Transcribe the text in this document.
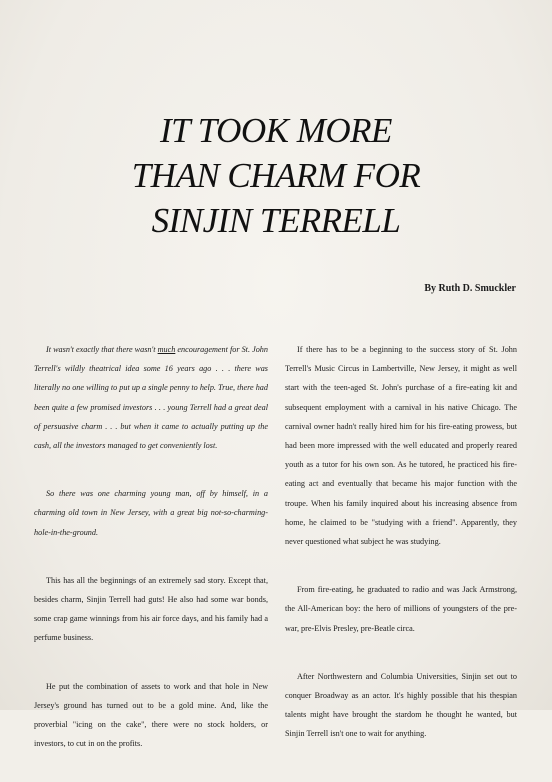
IT TOOK MORE
THAN CHARM FOR
SINJIN TERRELL
By Ruth D. Smuckler

It wasn't exactly that there wasn't much encouragement for St. John Terrell's wildly theatrical idea some 16 years ago . . . there was literally no one willing to put up a single penny to help. True, there had been quite a few promised investors . . . young Terrell had a great deal of persuasive charm . . . but when it came to actually putting up the cash, all the investors managed to get conveniently lost.

So there was one charming young man, off by himself, in a charming old town in New Jersey, with a great big not-so-charming-hole-in-the-ground.

This has all the beginnings of an extremely sad story. Except that, besides charm, Sinjin Terrell had guts! He also had some war bonds, some crap game winnings from his air force days, and his family had a perfume business.

He put the combination of assets to work and that hole in New Jersey's ground has turned out to be a gold mine. And, like the proverbial "icing on the cake", there were no stock holders, or investors, to cut in on the profits.

If there has to be a beginning to the success story of St. John Terrell's Music Circus in Lambertville, New Jersey, it might as well start with the teen-aged St. John's purchase of a fire-eating kit and subsequent employment with a carnival in his native Chicago. The carnival owner hadn't really hired him for his fire-eating prowess, but had been more impressed with the well educated and properly reared youth as a tutor for his own son. As he tutored, he practiced his fire-eating act and eventually that became his major function with the troupe. When his family inquired about his increasing absence from home, he claimed to be "studying with a friend". Apparently, they never questioned what subject he was studying.

From fire-eating, he graduated to radio and was Jack Armstrong, the All-American boy: the hero of millions of youngsters of the pre-war, pre-Elvis Presley, pre-Beatle circa.

After Northwestern and Columbia Universities, Sinjin set out to conquer Broadway as an actor. It's highly possible that his thespian talents might have brought the stardom he thought he wanted, but Sinjin Terrell isn't one to wait for anything.
